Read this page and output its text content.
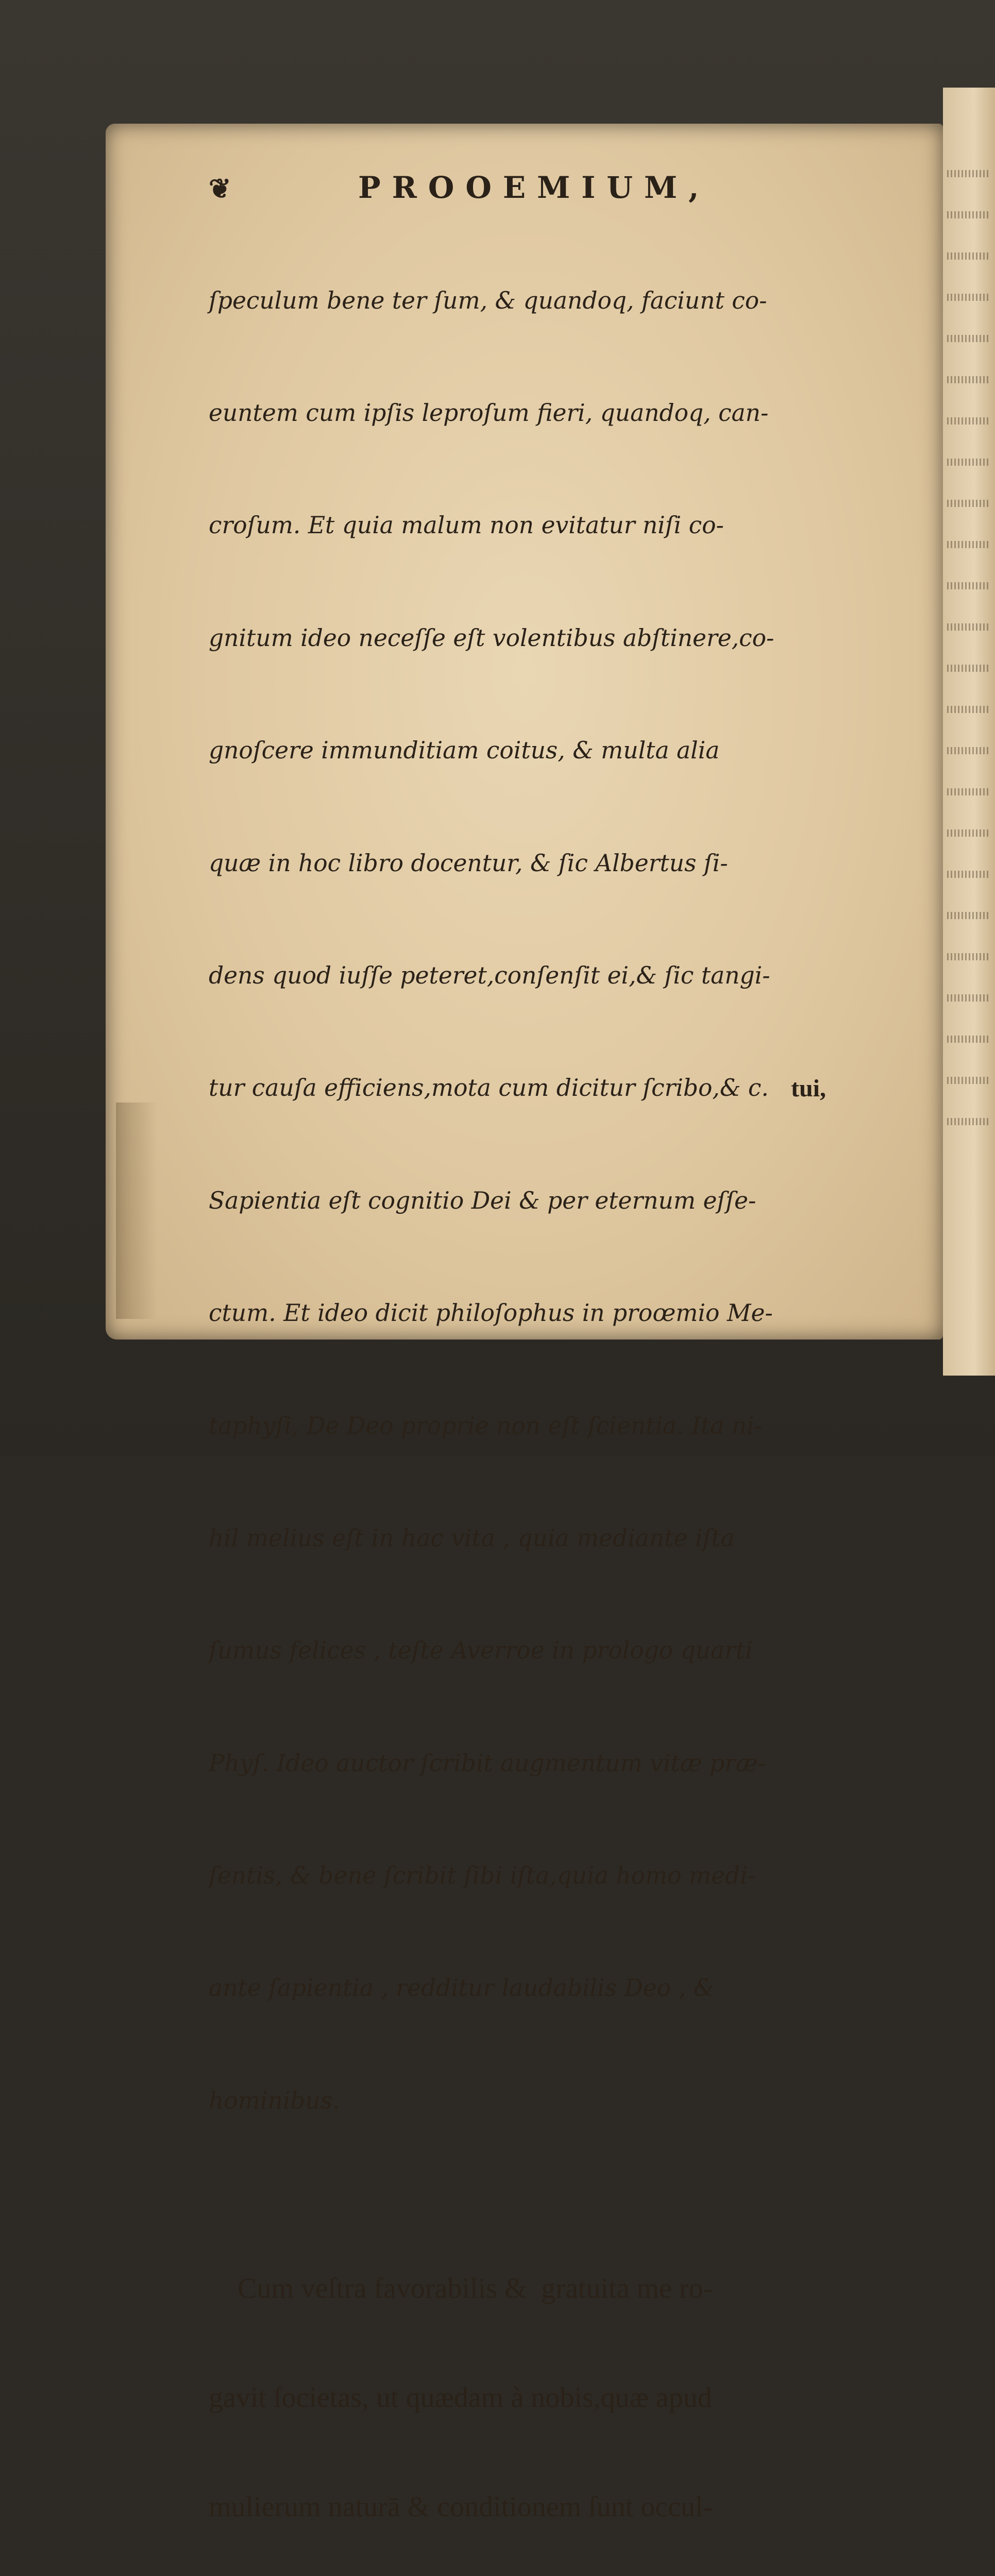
❦	PROOEMIUM,

ſpeculum bene ter ſum, & quandoq, faciunt co-

euntem cum ipſis leproſum fieri, quandoq, can-

croſum. Et quia malum non evitatur niſi co-

gnitum ideo neceſſe eſt volentibus abſtinere,co-

gnoſcere immunditiam coitus, & multa alia

quæ in hoc libro docentur, & ſic Albertus ſi-

dens quod iuſſe peteret,conſenſit ei,& ſic tangi-

tur cauſa efficiens,mota cum dicitur ſcribo,& c.

Sapientia eſt cognitio Dei & per eternum eſſe-

ctum. Et ideo dicit philoſophus in proœmio Me-

taphyſi, De Deo proprie non eſt ſcientia. Ita ni-

hil melius eſt in hac vita , quia mediante iſta

ſumus felices , teſte Averroe in prologo quarti

Phyſ. Ideo auctor ſcribit augmentum vitæ præ-

ſentis, & bene ſcribit ſibi iſta,quia homo medi-

ante ſapientia , redditur laudabilis Deo , &

hominibus.

Cum veſtra favorabilis &  gratuita me ro-

gavit ſocietas, ut quædam à nobis,quæ apud

mulierum naturā & conditionem ſunt occul-

tui,
